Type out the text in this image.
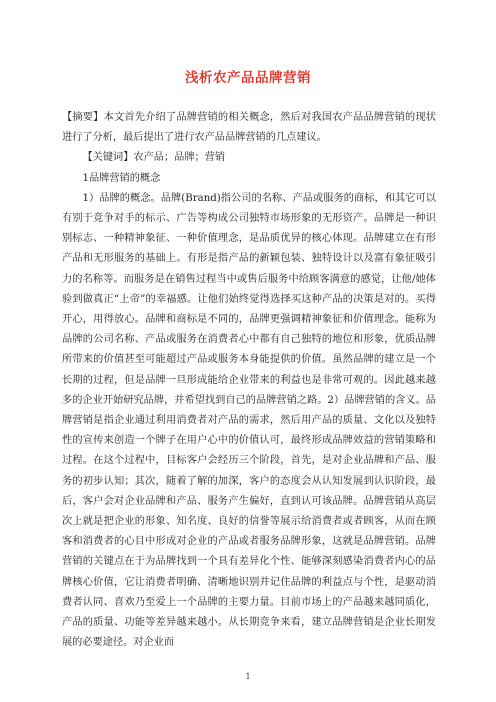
浅析农产品品牌营销

【摘要】本文首先介绍了品牌营销的相关概念，然后对我国农产品品牌营销的现状进行了分析，最后提出了进行农产品品牌营销的几点建议。

【关键词】农产品；品牌；营销

1品牌营销的概念

1）品牌的概念。品牌(Brand)指公司的名称、产品或服务的商标，和其它可以有别于竞争对手的标示、广告等构成公司独特市场形象的无形资产。品牌是一种识别标志、一种精神象征、一种价值理念，是品质优异的核心体现。品牌建立在有形产品和无形服务的基础上。有形是指产品的新颖包装、独特设计以及富有象征吸引力的名称等。而服务是在销售过程当中或售后服务中给顾客满意的感觉，让他/她体验到做真正“上帝”的幸福感。让他们始终觉得选择买这种产品的决策是对的。买得开心，用得放心。品牌和商标是不同的，品牌更强调精神象征和价值理念。能称为品牌的公司名称、产品或服务在消费者心中都有自己独特的地位和形象，优质品牌所带来的价值甚至可能超过产品或服务本身能提供的价值。虽然品牌的建立是一个长期的过程，但是品牌一旦形成能给企业带来的利益也是非常可观的。因此越来越多的企业开始研究品牌，并希望找到自己的品牌营销之路。2）品牌营销的含义。品牌营销是指企业通过利用消费者对产品的需求，然后用产品的质量、文化以及独特性的宣传来创造一个牌子在用户心中的价值认可，最终形成品牌效益的营销策略和过程。在这个过程中，目标客户会经历三个阶段，首先，是对企业品牌和产品、服务的初步认知；其次，随着了解的加深，客户的态度会从认知发展到认识阶段，最后，客户会对企业品牌和产品、服务产生偏好，直到认可该品牌。品牌营销从高层次上就是把企业的形象、知名度、良好的信誉等展示给消费者或者顾客，从而在顾客和消费者的心目中形成对企业的产品或者服务品牌形象，这就是品牌营销。品牌营销的关键点在于为品牌找到一个具有差异化个性、能够深刻感染消费者内心的品牌核心价值，它让消费者明确、清晰地识别并记住品牌的利益点与个性，是驱动消费者认同、喜欢乃至爱上一个品牌的主要力量。目前市场上的产品越来越同质化，产品的质量、功能等差异越来越小。从长期竞争来看，建立品牌营销是企业长期发展的必要途径。对企业而

1
